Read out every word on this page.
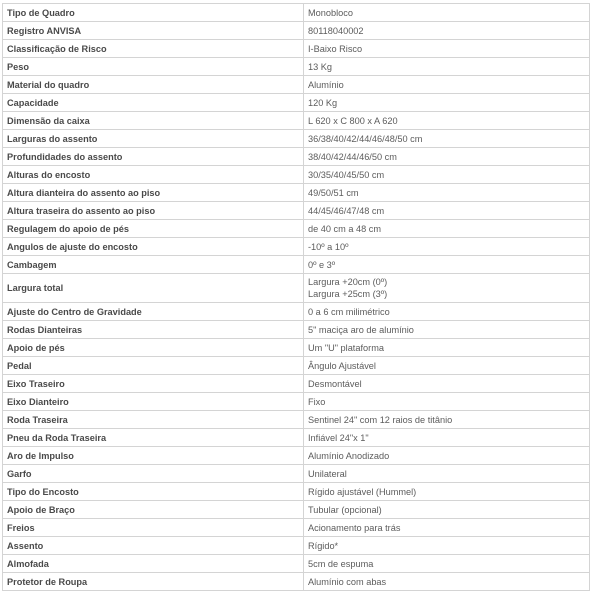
Tipo de Quadro	Monobloco
Registro ANVISA	80118040002
Classificação de Risco	I-Baixo Risco
Peso	13 Kg
Material do quadro	Alumínio
Capacidade	120 Kg
Dimensão da caixa	L 620 x C 800 x A 620
Larguras do assento	36/38/40/42/44/46/48/50 cm
Profundidades do assento	38/40/42/44/46/50 cm
Alturas do encosto	30/35/40/45/50 cm
Altura dianteira do assento ao piso	49/50/51 cm
Altura traseira do assento ao piso	44/45/46/47/48 cm
Regulagem do apoio de pés	de 40 cm a 48 cm
Angulos de ajuste do encosto	-10º a 10º
Cambagem	0º e 3º
Largura total	Largura +20cm (0º)
Largura +25cm (3º)

Ajuste do Centro de Gravidade	0 a 6 cm milimétrico
Rodas Dianteiras	5" maciça aro de alumínio
Apoio de pés	Um "U" plataforma
Pedal	Ângulo Ajustável
Eixo Traseiro	Desmontável
Eixo Dianteiro	Fixo
Roda Traseira	Sentinel 24" com 12 raios de titânio
Pneu da Roda Traseira	Infiável 24"x 1"
Aro de Impulso	Alumínio Anodizado
Garfo	Unilateral
Tipo do Encosto	Rígido ajustável (Hummel)
Apoio de Braço	Tubular (opcional)
Freios	Acionamento para trás
Assento	Rígido*
Almofada	5cm de espuma
Protetor de Roupa	Alumínio com abas
